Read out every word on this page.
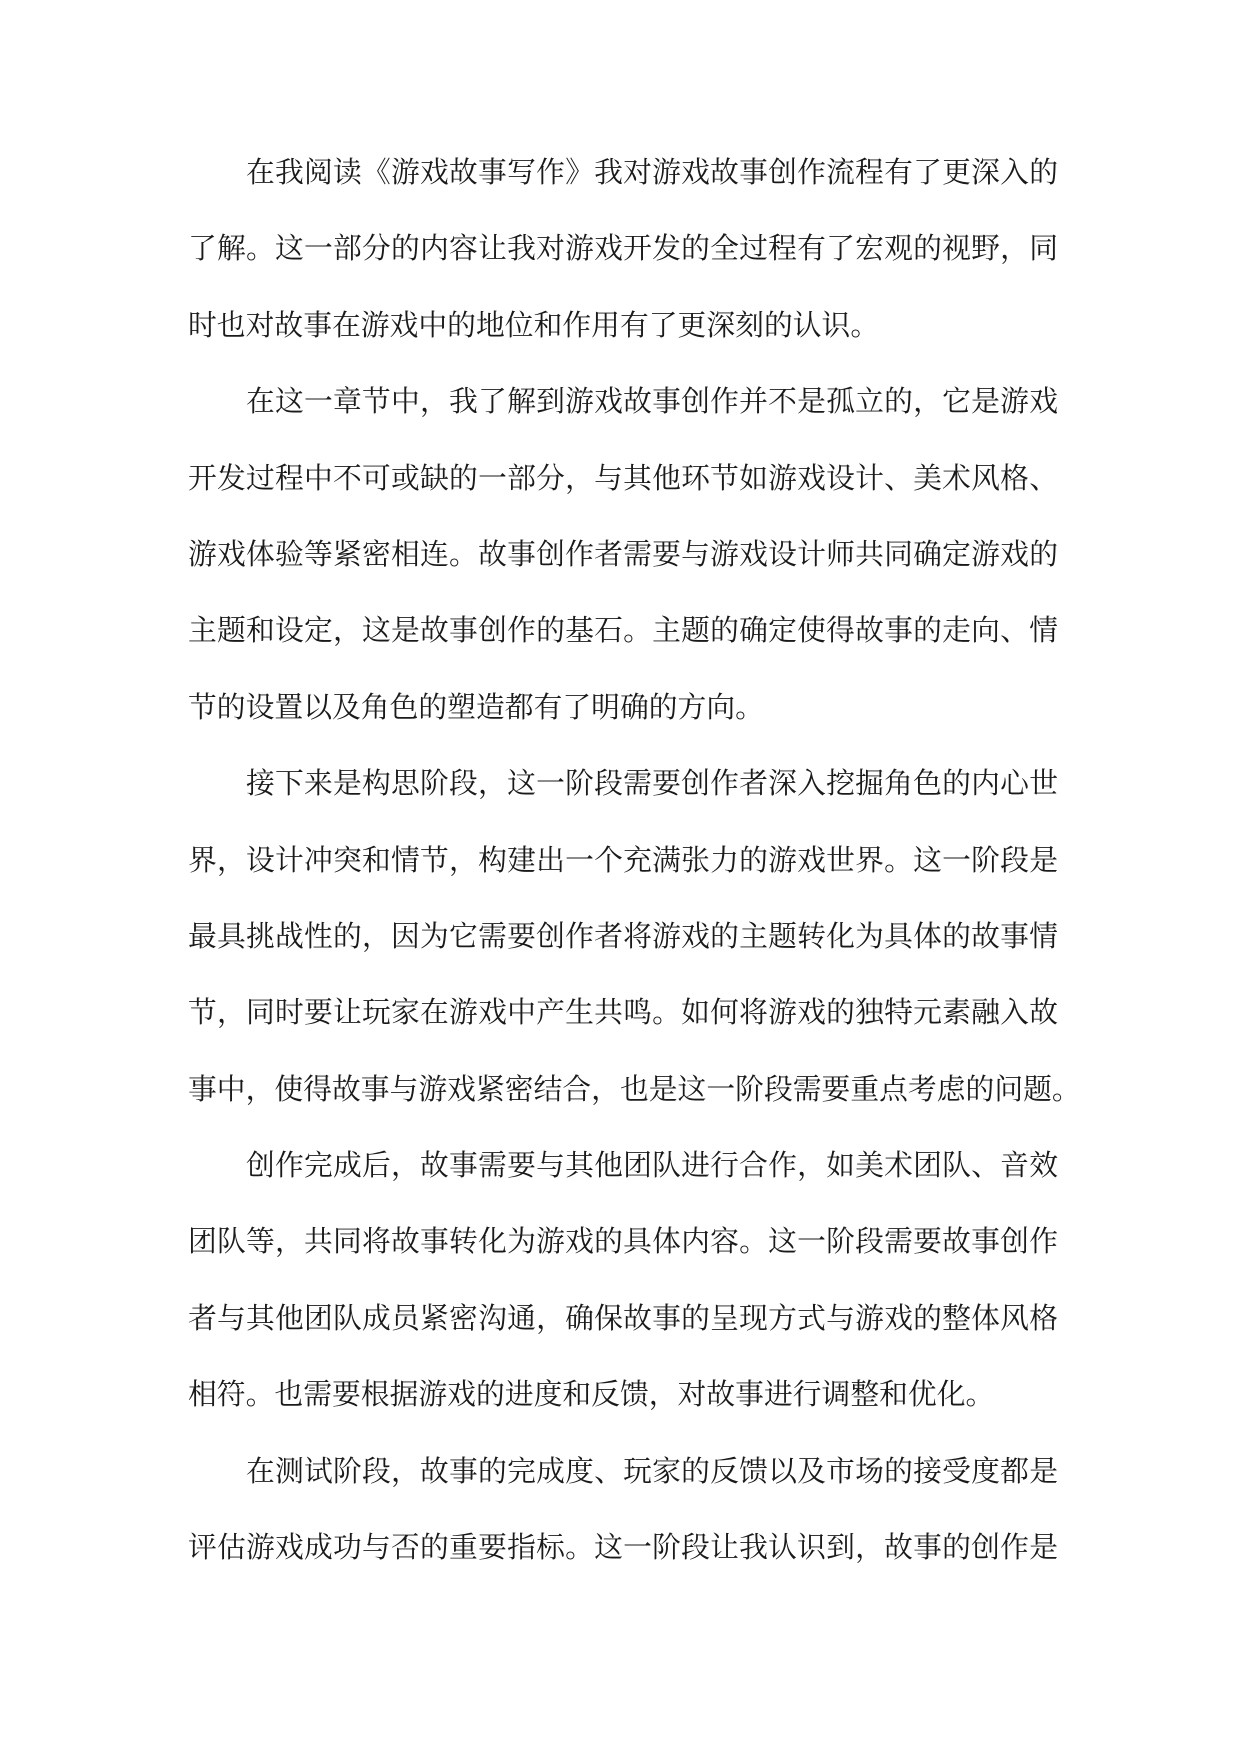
在我阅读《游戏故事写作》我对游戏故事创作流程有了更深入的
了解。这一部分的内容让我对游戏开发的全过程有了宏观的视野，同
时也对故事在游戏中的地位和作用有了更深刻的认识。
在这一章节中，我了解到游戏故事创作并不是孤立的，它是游戏
开发过程中不可或缺的一部分，与其他环节如游戏设计、美术风格、
游戏体验等紧密相连。故事创作者需要与游戏设计师共同确定游戏的
主题和设定，这是故事创作的基石。主题的确定使得故事的走向、情
节的设置以及角色的塑造都有了明确的方向。
接下来是构思阶段，这一阶段需要创作者深入挖掘角色的内心世
界，设计冲突和情节，构建出一个充满张力的游戏世界。这一阶段是
最具挑战性的，因为它需要创作者将游戏的主题转化为具体的故事情
节，同时要让玩家在游戏中产生共鸣。如何将游戏的独特元素融入故
事中，使得故事与游戏紧密结合，也是这一阶段需要重点考虑的问题。
创作完成后，故事需要与其他团队进行合作，如美术团队、音效
团队等，共同将故事转化为游戏的具体内容。这一阶段需要故事创作
者与其他团队成员紧密沟通，确保故事的呈现方式与游戏的整体风格
相符。也需要根据游戏的进度和反馈，对故事进行调整和优化。
在测试阶段，故事的完成度、玩家的反馈以及市场的接受度都是
评估游戏成功与否的重要指标。这一阶段让我认识到，故事的创作是
